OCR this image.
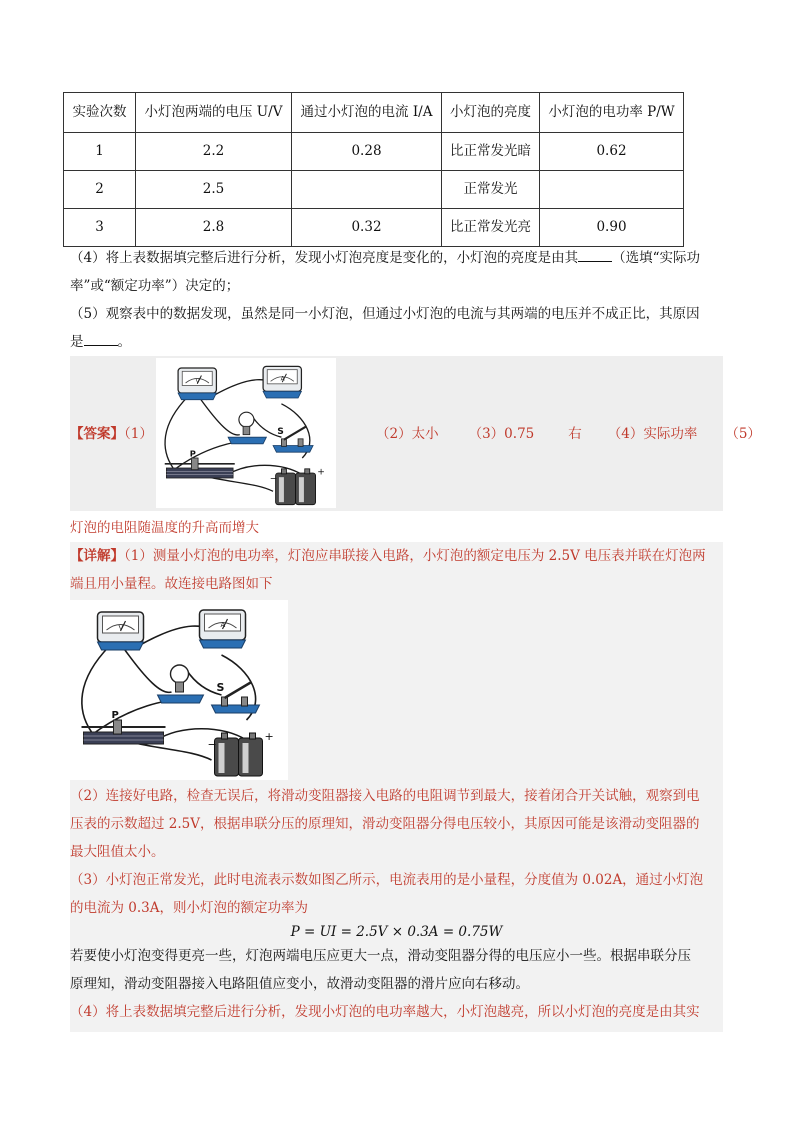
实验次数	小灯泡两端的电压 U/V	通过小灯泡的电流 I/A	小灯泡的亮度	小灯泡的电功率 P/W
1	2.2	0.28	比正常发光暗	0.62
2	2.5		正常发光	
3	2.8	0.32	比正常发光亮	0.90
（4）将上表数据填完整后进行分析，发现小灯泡亮度是变化的，小灯泡的亮度是由其	（选填“实际功
率”或“额定功率”）决定的；
（5）观察表中的数据发现，虽然是同一小灯泡，但通过小灯泡的电流与其两端的电压并不成正比，其原因
是	。
【答案】（1）
V	A
S
P
−
+
（2）太小 （3）0.75	右 （4）实际功率 （5）
灯泡的电阻随温度的升高而增大
【详解】（1）测量小灯泡的电功率，灯泡应串联接入电路，小灯泡的额定电压为 2.5V 电压表并联在灯泡两
端且用小量程。故连接电路图如下
V	A
S
P
−
+
（2）连接好电路，检查无误后，将滑动变阻器接入电路的电阻调节到最大，接着闭合开关试触，观察到电
压表的示数超过 2.5V，根据串联分压的原理知，滑动变阻器分得电压较小，其原因可能是该滑动变阻器的
最大阻值太小。
（3）小灯泡正常发光，此时电流表示数如图乙所示，电流表用的是小量程，分度值为 0.02A，通过小灯泡
的电流为 0.3A，则小灯泡的额定功率为
P = UI = 2.5V × 0.3A = 0.75W
若要使小灯泡变得更亮一些，灯泡两端电压应更大一点，滑动变阻器分得的电压应小一些。根据串联分压
原理知，滑动变阻器接入电路阻值应变小，故滑动变阻器的滑片应向右移动。
（4）将上表数据填完整后进行分析，发现小灯泡的电功率越大，小灯泡越亮，所以小灯泡的亮度是由其实
